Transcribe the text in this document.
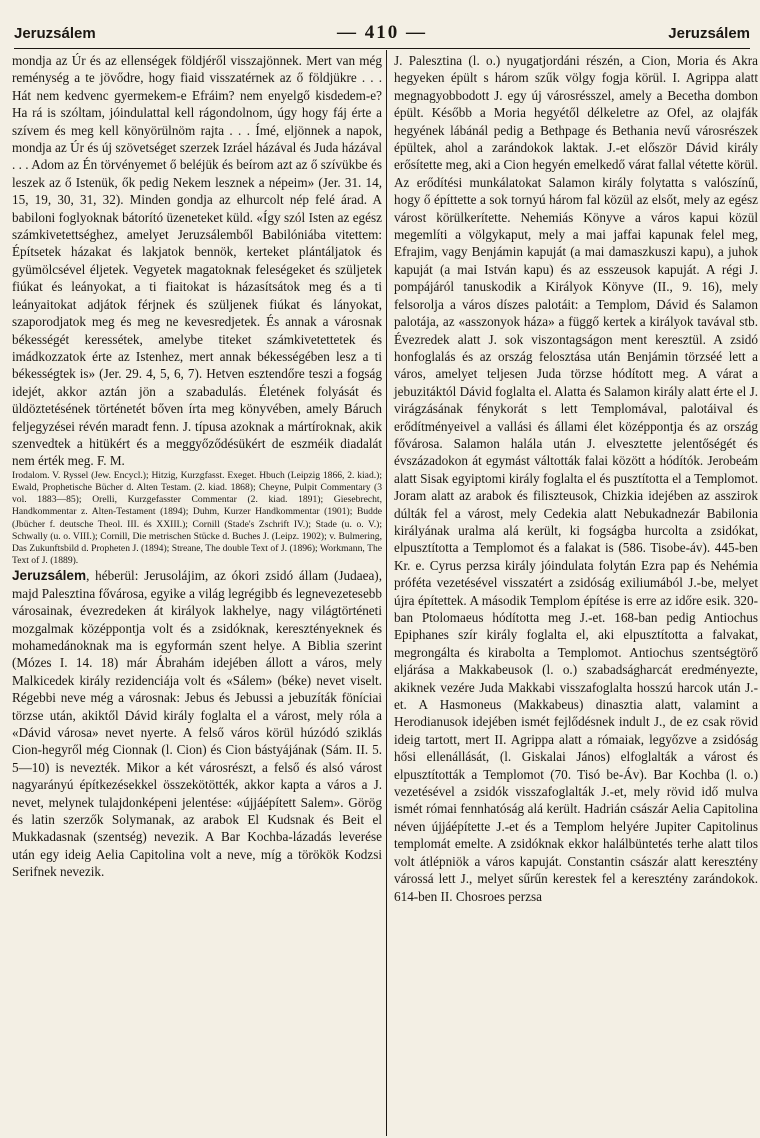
Jeruzsálem	— 410 —	Jeruzsálem

mondja az Úr és az ellenségek földjéről visszajönnek. Mert van még reménység a te jövődre, hogy fiaid visszatérnek az ő földjükre . . . Hát nem kedvenc gyermekem-e Efráim? nem enyelgő kisdedem-e? Ha rá is szóltam, jóindulattal kell rágondolnom, úgy hogy fáj érte a szívem és meg kell könyörülnöm rajta . . . Ímé, eljönnek a napok, mondja az Úr és új szövetséget szerzek Izráel házával és Juda házával . . . Adom az Én törvényemet ő beléjük és beírom azt az ő szívükbe és leszek az ő Istenük, ők pedig Nekem lesznek a népeim» (Jer. 31. 14, 15, 19, 30, 31, 32). Minden gondja az elhurcolt nép felé árad. A babiloni foglyoknak bátorító üzeneteket küld. «Így szól Isten az egész számkivetettséghez, amelyet Jeruzsálemből Babilóniába vitettem: Építsetek házakat és lakjatok bennök, kerteket plántáljatok és gyümölcsével éljetek. Vegyetek magatoknak feleségeket és szüljetek fiúkat és leányokat, a ti fiaitokat is házasítsátok meg és a ti leányaitokat adjátok férjnek és szüljenek fiúkat és lányokat, szaporodjatok meg és meg ne kevesredjetek. És annak a városnak békességét keressétek, amelybe titeket számkivetettetek és imádkozzatok érte az Istenhez, mert annak békességében lesz a ti békességtek is» (Jer. 29. 4, 5, 6, 7). Hetven esztendőre teszi a fogság idejét, akkor aztán jön a szabadulás. Életének folyását és üldöztetésének történetét bőven írta meg könyvében, amely Báruch feljegyzései révén maradt fenn. J. típusa azoknak a mártíroknak, akik szenvedtek a hitükért és a meggyőződésükért de eszméik diadalát nem érték meg. F. M.

Irodalom. V. Ryssel (Jew. Encycl.); Hitzig, Kurzgfasst. Exeget. Hbuch (Leipzig 1866, 2. kiad.); Ewald, Prophetische Bücher d. Alten Testam. (2. kiad. 1868); Cheyne, Pulpit Commentary (3 vol. 1883—85); Orelli, Kurzgefasster Commentar (2. kiad. 1891); Giesebrecht, Handkommentar z. Alten-Testament (1894); Duhm, Kurzer Handkommentar (1901); Budde (Jbücher f. deutsche Theol. III. és XXIII.); Cornill (Stade's Zschrift IV.); Stade (u. o. V.); Schwally (u. o. VIII.); Cornill, Die metrischen Stücke d. Buches J. (Leipz. 1902); v. Bulmering, Das Zukunftsbild d. Propheten J. (1894); Streane, The double Text of J. (1896); Workmann, The Text of J. (1889).

Jeruzsálem, héberül: Jerusolájim, az ókori zsidó állam (Judaea), majd Palesztina fővárosa, egyike a világ legrégibb és legnevezetesebb városainak, évezredeken át királyok lakhelye, nagy világtörténeti mozgalmak középpontja volt és a zsidóknak, keresztényeknek és mohamedánoknak ma is egyformán szent helye. A Biblia szerint (Mózes I. 14. 18) már Ábrahám idejében állott a város, mely Malkicedek király rezidenciája volt és «Sálem» (béke) nevet viselt. Régebbi neve még a városnak: Jebus és Jebussi a jebuzíták föníciai törzse után, akiktől Dávid király foglalta el a várost, mely róla a «Dávid városa» nevet nyerte. A felső város körül húzódó sziklás Cion-hegyről még Cionnak (l. Cion) és Cion bástyájának (Sám. II. 5. 5—10) is nevezték. Mikor a két városrészt, a felső és alsó várost nagyarányú építkezésekkel összekötötték, akkor kapta a város a J. nevet, melynek tulajdonképeni jelentése: «újjáépített Salem». Görög és latin szerzők Solymanak, az arabok El Kudsnak és Beit el Mukkadasnak (szentség) nevezik. A Bar Kochba-lázadás leverése után egy ideig Aelia Capitolina volt a neve, míg a törökök Kodzsi Serifnek nevezik.

J. Palesztina (l. o.) nyugatjordáni részén, a Cion, Moria és Akra hegyeken épült s három szűk völgy fogja körül. I. Agrippa alatt megnagyobbodott J. egy új városrésszel, amely a Becetha dombon épült. Később a Moria hegyétől délkeletre az Ofel, az olajfák hegyének lábánál pedig a Bethpage és Bethania nevű városrészek épültek, ahol a zarándokok laktak. J.-et először Dávid király erősítette meg, aki a Cion hegyén emelkedő várat fallal vétette körül. Az erődítési munkálatokat Salamon király folytatta s valószínű, hogy ő építtette a sok tornyú három fal közül az elsőt, mely az egész várost körülkerítette. Nehemiás Könyve a város kapui közül megemlíti a völgykaput, mely a mai jaffai kapunak felel meg, Efrajim, vagy Benjámin kapuját (a mai damaszkuszi kapu), a juhok kapuját (a mai István kapu) és az esszeusok kapuját. A régi J. pompájáról tanuskodik a Királyok Könyve (II., 9. 16), mely felsorolja a város díszes palotáit: a Templom, Dávid és Salamon palotája, az «asszonyok háza» a függő kertek a királyok tavával stb. Évezredek alatt J. sok viszontagságon ment keresztül. A zsidó honfoglalás és az ország felosztása után Benjámin törzséé lett a város, amelyet teljesen Juda törzse hódított meg. A várat a jebuzitáktól Dávid foglalta el. Alatta és Salamon király alatt érte el J. virágzásának fénykorát s lett Templomával, palotáival és erődítményeivel a vallási és állami élet középpontja és az ország fővárosa. Salamon halála után J. elvesztette jelentőségét és évszázadokon át egymást váltották falai között a hódítók. Jerobeám alatt Sisak egyiptomi király foglalta el és pusztította el a Templomot. Joram alatt az arabok és filiszteusok, Chizkia idejében az asszirok dúlták fel a várost, mely Cedekia alatt Nebukadnezár Babilonia királyának uralma alá került, ki fogságba hurcolta a zsidókat, elpusztította a Templomot és a falakat is (586. Tisobe-áv). 445-ben Kr. e. Cyrus perzsa király jóindulata folytán Ezra pap és Nehémia próféta vezetésével visszatért a zsidóság exiliumából J.-be, melyet újra építettek. A második Templom építése is erre az időre esik. 320-ban Ptolomaeus hódította meg J.-et. 168-ban pedig Antiochus Epiphanes szír király foglalta el, aki elpusztította a falvakat, megrongálta és kirabolta a Templomot. Antiochus szentségtörő eljárása a Makkabeusok (l. o.) szabadságharcát eredményezte, akiknek vezére Juda Makkabi visszafoglalta hosszú harcok után J.-et. A Hasmoneus (Makkabeus) dinasztia alatt, valamint a Herodianusok idejében ismét fejlődésnek indult J., de ez csak rövid ideig tartott, mert II. Agrippa alatt a rómaiak, legyőzve a zsidóság hősi ellenállását, (l. Giskalai János) elfoglalták a várost és elpusztították a Templomot (70. Tisó be-Áv). Bar Kochba (l. o.) vezetésével a zsidók visszafoglalták J.-et, mely rövid idő mulva ismét római fennhatóság alá került. Hadrián császár Aelia Capitolina néven újjáépítette J.-et és a Templom helyére Jupiter Capitolinus templomát emelte. A zsidóknak ekkor halálbüntetés terhe alatt tilos volt átlépniök a város kapuját. Constantin császár alatt keresztény várossá lett J., melyet sűrűn kerestek fel a keresztény zarándokok. 614-ben II. Chosroes perzsa
